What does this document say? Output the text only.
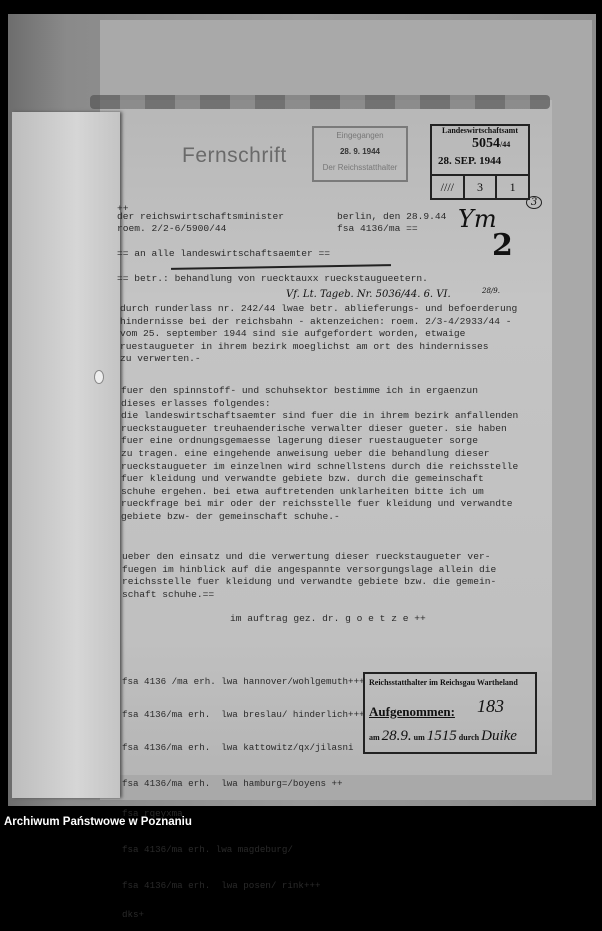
Fernschrift
Eingegangen
28. 9. 1944
Der Reichsstatthalter
Landeswirtschaftsamt
5054/44
28. SEP. 1944
////	3	1
Ym
2
3
Vf. Lt. Tageb. Nr. 5036/44. 6. VI.	28/9.
++
der reichswirtschaftsminister
roem. 2/2-6/5900/44
berlin, den 28.9.44
fsa 4136/ma ==
== an alle landeswirtschaftsaemter ==
== betr.: behandlung von ruecktauxx rueckstaugueetern.
durch runderlass nr. 242/44 lwae betr. ablieferungs- und befoerderung
hindernisse bei der reichsbahn - aktenzeichen: roem. 2/3-4/2933/44 -
vom 25. september 1944 sind sie aufgefordert worden, etwaige
ruestaugueter in ihrem bezirk moeglichst am ort des hindernisses
zu verwerten.-
fuer den spinnstoff- und schuhsektor bestimme ich in ergaenzun
dieses erlasses folgendes:
die landeswirtschaftsaemter sind fuer die in ihrem bezirk anfallenden
rueckstaugueter treuhaenderische verwalter dieser gueter. sie haben
fuer eine ordnungsgemaesse lagerung dieser ruestaugueter sorge
zu tragen. eine eingehende anweisung ueber die behandlung dieser
rueckstaugueter im einzelnen wird schnellstens durch die reichsstelle
fuer kleidung und verwandte gebiete bzw. durch die gemeinschaft
schuhe ergehen. bei etwa auftretenden unklarheiten bitte ich um
rueckfrage bei mir oder der reichsstelle fuer kleidung und verwandte
gebiete bzw- der gemeinschaft schuhe.-
ueber den einsatz und die verwertung dieser rueckstaugueter ver-
fuegen im hinblick auf die angespannte versorgungslage allein die
reichsstelle fuer kleidung und verwandte gebiete bzw. die gemein-
schaft schuhe.==
im auftrag gez. dr. g o e t z e ++

fsa 4136 /ma erh. lwa hannover/wohlgemuth+++

fsa 4136/ma erh.  lwa breslau/ hinderlich+++

fsa 4136/ma erh.  lwa kattowitz/qx/jilasni

fsa 4136/ma erh.  lwa hamburg=/boyens ++

fsa rqeyxma

fsa 4136/ma erh. lwa magdeburg/

fsa 4136/ma erh.  lwa posen/ rink+++

dks+

Reichsstatthalter im Reichsgau Wartheland
Aufgenommen: 183
am 28.9. um 1515 durch Duike
Archiwum Państwowe w Poznaniu
